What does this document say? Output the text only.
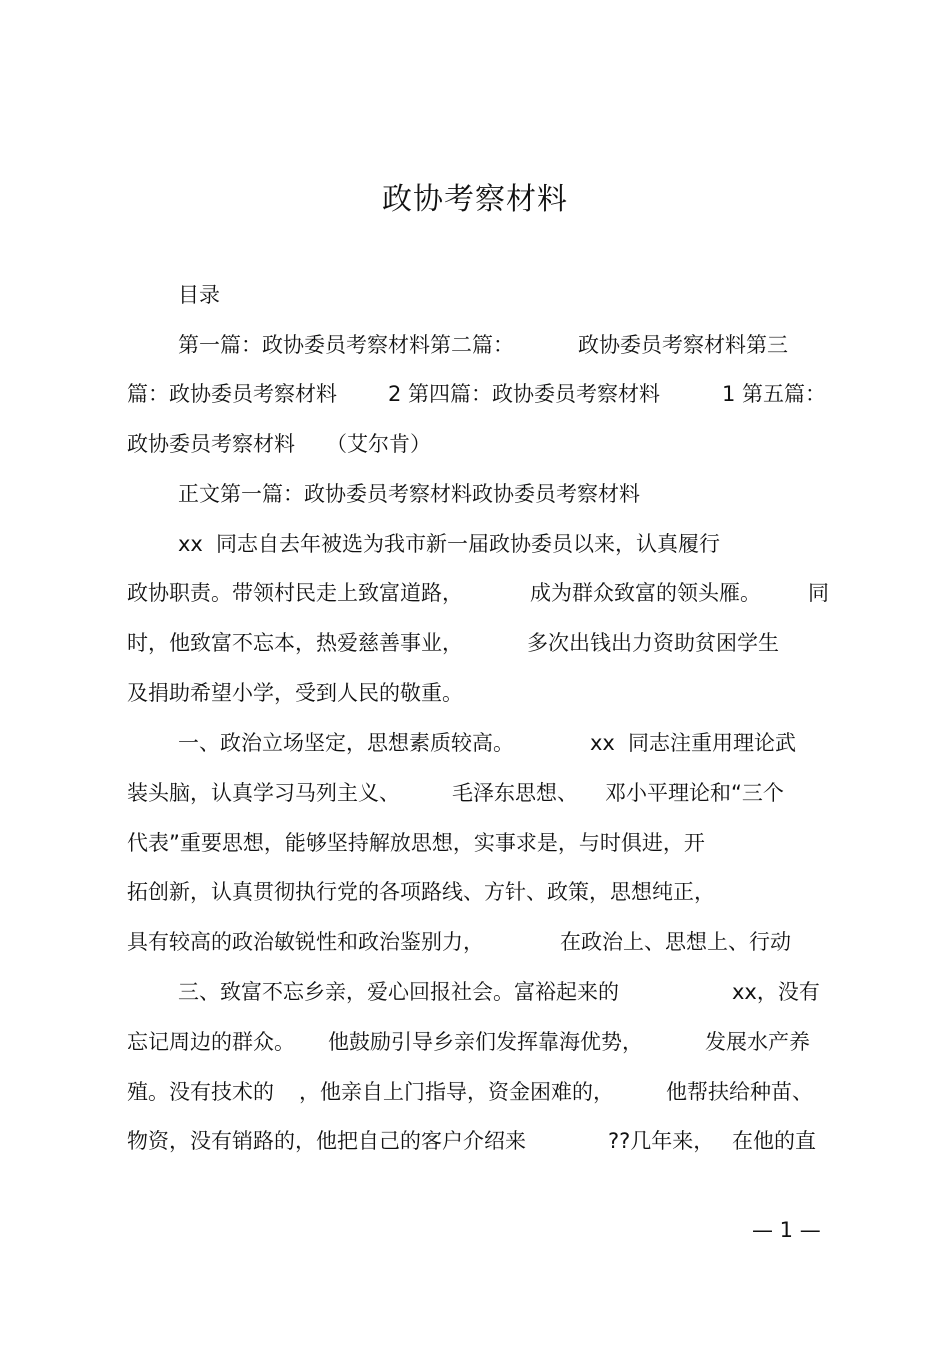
政协考察材料
目录
第一篇：政协委员考察材料第二篇：	政协委员考察材料第三
篇：政协委员考察材料 2 第四篇：政协委员考察材料	1 第五篇：
政协委员考察材料 （艾尔肯）
正文第一篇：政协委员考察材料政协委员考察材料
xx 同志自去年被选为我市新一届政协委员以来，认真履行
政协职责。带领村民走上致富道路，	成为群众致富的领头雁。 同
时，他致富不忘本，热爱慈善事业，	多次出钱出力资助贫困学生
及捐助希望小学，受到人民的敬重。
一、政治立场坚定，思想素质较高。	xx 同志注重用理论武
装头脑，认真学习马列主义、 毛泽东思想、 邓小平理论和“三个
代表”重要思想，能够坚持解放思想，实事求是，与时俱进，开
拓创新，认真贯彻执行党的各项路线、方针、政策，思想纯正，
具有较高的政治敏锐性和政治鉴别力，	在政治上、思想上、行动
三、致富不忘乡亲，爱心回报社会。富裕起来的	xx，没有
忘记周边的群众。 他鼓励引导乡亲们发挥靠海优势，	发展水产养
殖。没有技术的 ，他亲自上门指导，资金困难的， 他帮扶给种苗、
物资，没有销路的，他把自己的客户介绍来	??几年来， 在他的直
— 1 —
